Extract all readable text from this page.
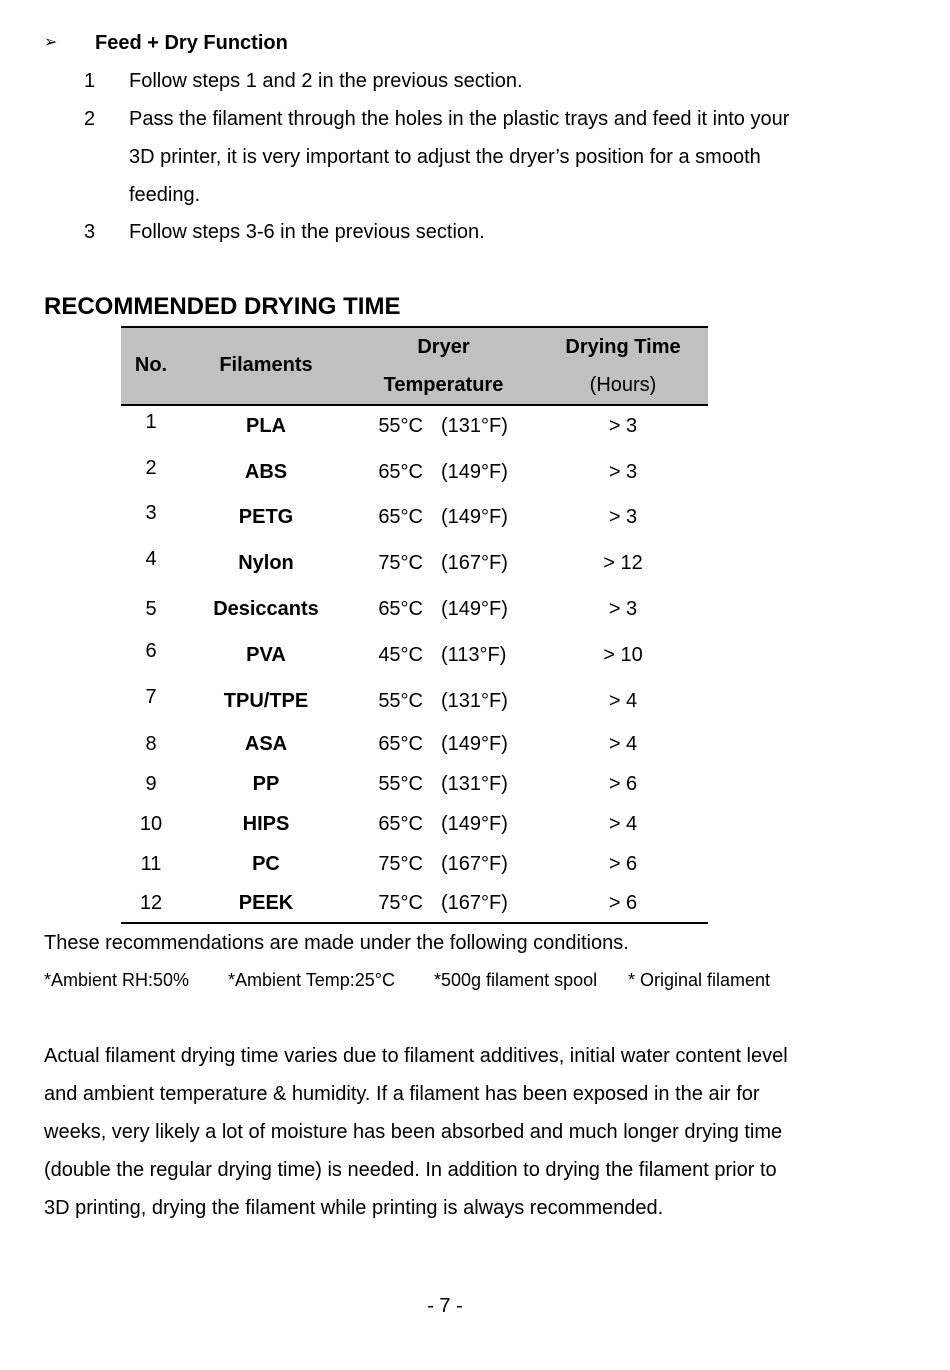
➢ Feed + Dry Function
1	Follow steps 1 and 2 in the previous section.
2	Pass the filament through the holes in the plastic trays and feed it into your
3D printer, it is very important to adjust the dryer’s position for a smooth
feeding.
3	Follow steps 3-6 in the previous section.
RECOMMENDED DRYING TIME
No.	Filaments
Dryer
Temperature
Drying Time
(Hours)
1	PLA	55°C (131°F)	> 3
2	ABS	65°C (149°F)	> 3
3	PETG	65°C (149°F)	> 3
4	Nylon	75°C (167°F)	> 12
5	Desiccants	65°C (149°F)	> 3
6	PVA	45°C (113°F)	> 10
7	TPU/TPE	55°C (131°F)	> 4
8	ASA	65°C (149°F)	> 4
9	PP	55°C (131°F)	> 6
10	HIPS	65°C (149°F)	> 4
11	PC	75°C (167°F)	> 6
12	PEEK	75°C (167°F)	> 6
These recommendations are made under the following conditions.
*Ambient RH:50% *Ambient Temp:25°C *500g filament spool * Original filament
Actual filament drying time varies due to filament additives, initial water content level
and ambient temperature & humidity. If a filament has been exposed in the air for
weeks, very likely a lot of moisture has been absorbed and much longer drying time
(double the regular drying time) is needed. In addition to drying the filament prior to
3D printing, drying the filament while printing is always recommended.
- 7 -
